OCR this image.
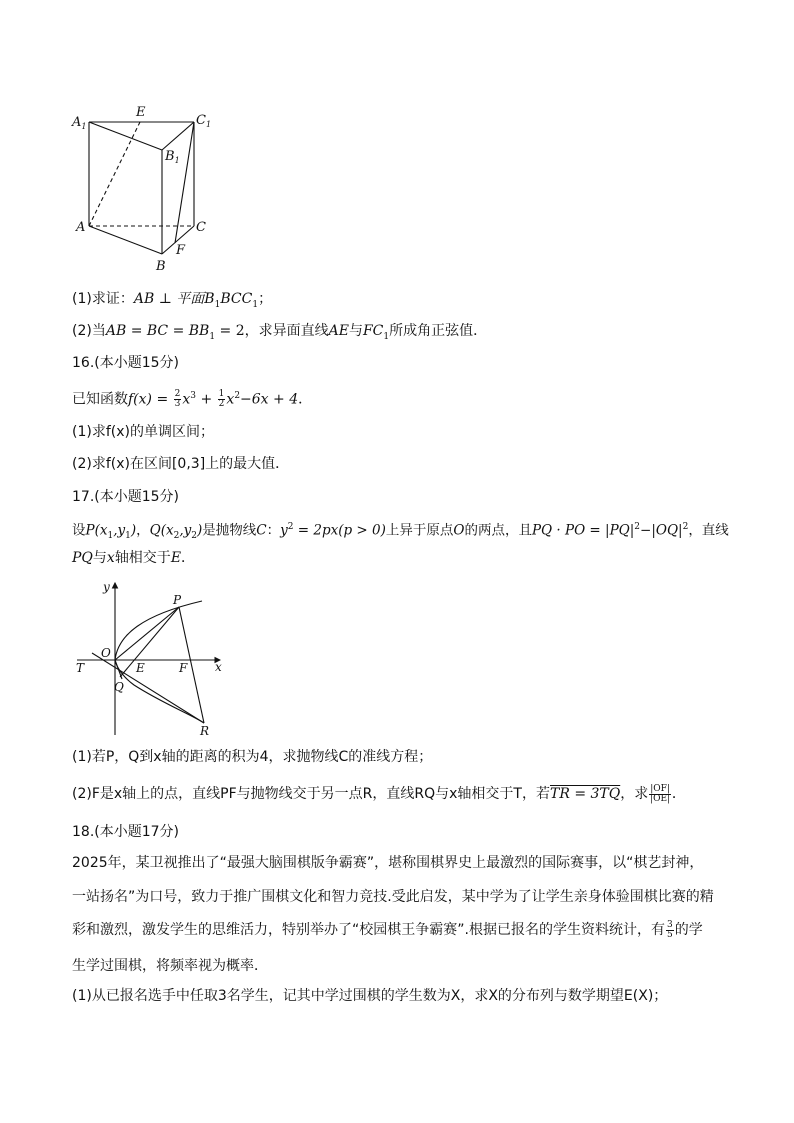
$A_1$
E
$C_1$
$B_1$
A	C
F
B
(1)求证：AB ⊥ 平面$B_1BCC_1$；
(2)当AB = BC = $BB_1 = 2$，求异面直线AE与$FC_1$所成角正弦值．
16.(本小题15分)
已知函数$f(x) = \frac{2}{3} x^3 + \frac{1}{2} x^2-6x + 4$．
(1)求f(x)的单调区间；
(2)求f(x)在区间[0,3]上的最大值．
17.(本小题15分)
设$P(x_1,y_1)$，$Q(x_2,y_2)$是抛物线C：$y^2 = 2px(p > 0)$上异于原点O的两点，且PQ · PO = $|PQ|^2-|OQ|^2$，直线
PQ与x轴相交于E．
y
P
O
x
T	E	F
Q
R
(1)若P，Q到x轴的距离的积为4，求抛物线C的准线方程；
(2)F是x轴上的点，直线PF与抛物线交于另一点R，直线RQ与x轴相交于T，若TR = 3TQ，求 $\frac{|OF|}{|OE|}$ ．
18.(本小题17分)
2025年，某卫视推出了“最强大脑围棋版争霸赛”，堪称围棋界史上最激烈的国际赛事，以“棋艺封神，
一站扬名”为口号，致力于推广围棋文化和智力竞技.受此启发，某中学为了让学生亲身体验围棋比赛的精
彩和激烈，激发学生的思维活力，特别举办了“校园棋王争霸赛”.根据已报名的学生资料统计，有 $\frac{3}{5}$ 的学
生学过围棋，将频率视为概率．
(1)从已报名选手中任取3名学生，记其中学过围棋的学生数为X，求X的分布列与数学期望E(X)；
